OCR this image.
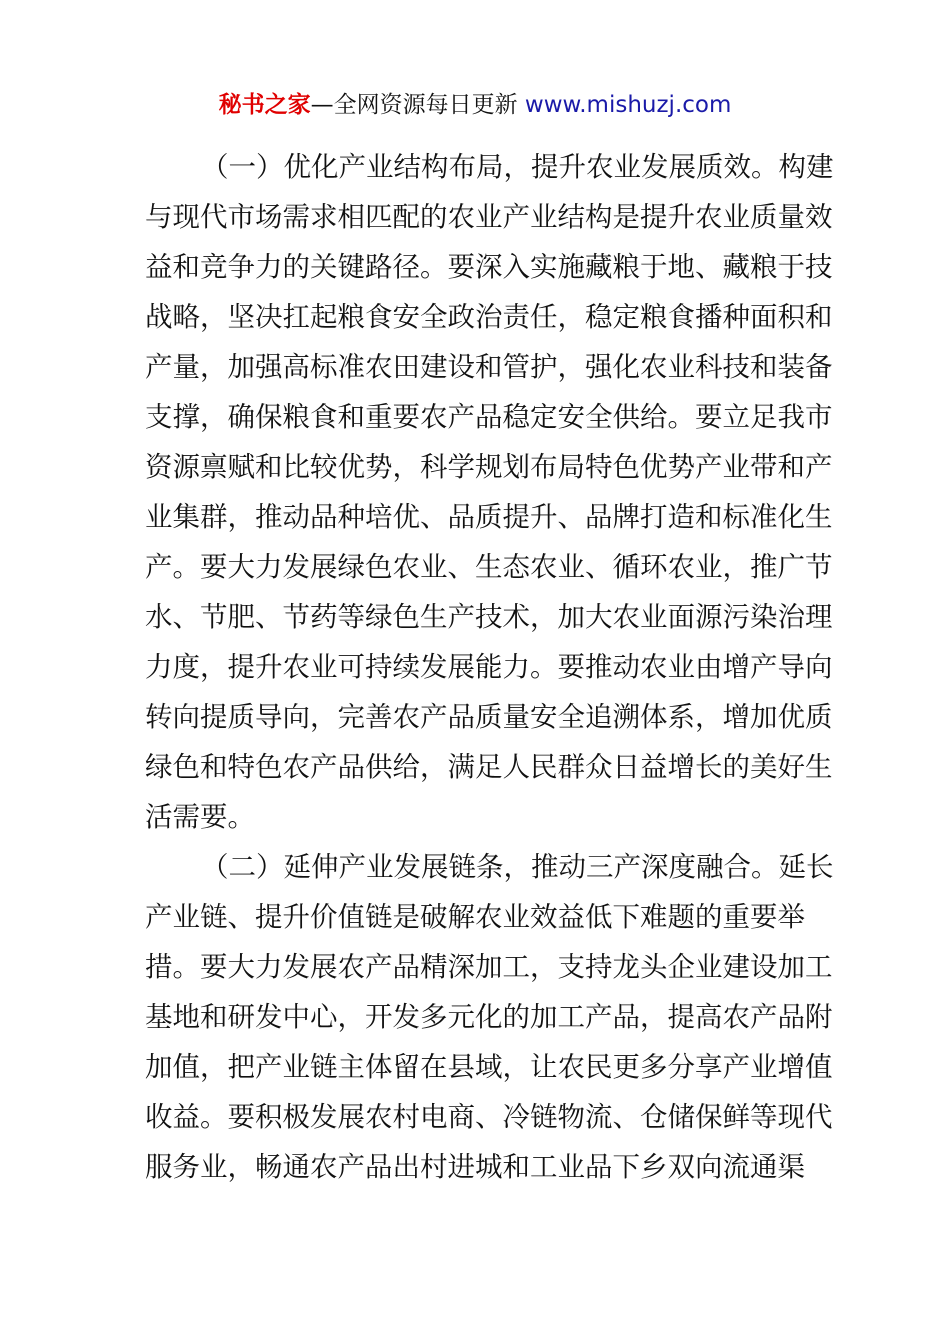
秘书之家—全网资源每日更新 www.mishuzj.com
（一）优化产业结构布局，提升农业发展质效。构建
与现代市场需求相匹配的农业产业结构是提升农业质量效
益和竞争力的关键路径。要深入实施藏粮于地、藏粮于技
战略，坚决扛起粮食安全政治责任，稳定粮食播种面积和
产量，加强高标准农田建设和管护，强化农业科技和装备
支撑，确保粮食和重要农产品稳定安全供给。要立足我市
资源禀赋和比较优势，科学规划布局特色优势产业带和产
业集群，推动品种培优、品质提升、品牌打造和标准化生
产。要大力发展绿色农业、生态农业、循环农业，推广节
水、节肥、节药等绿色生产技术，加大农业面源污染治理
力度，提升农业可持续发展能力。要推动农业由增产导向
转向提质导向，完善农产品质量安全追溯体系，增加优质
绿色和特色农产品供给，满足人民群众日益增长的美好生
活需要。
（二）延伸产业发展链条，推动三产深度融合。延长
产业链、提升价值链是破解农业效益低下难题的重要举
措。要大力发展农产品精深加工，支持龙头企业建设加工
基地和研发中心，开发多元化的加工产品，提高农产品附
加值，把产业链主体留在县域，让农民更多分享产业增值
收益。要积极发展农村电商、冷链物流、仓储保鲜等现代
服务业，畅通农产品出村进城和工业品下乡双向流通渠
